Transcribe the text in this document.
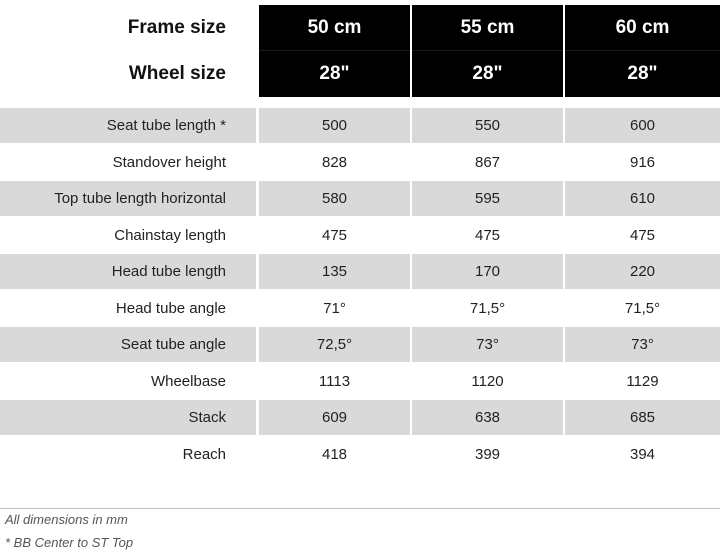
Frame size	50 cm	55 cm	60 cm
Wheel size	28"	28"	28"
Seat tube length *	500	550	600
Standover height	828	867	916
Top tube length horizontal	580	595	610
Chainstay length	475	475	475
Head tube length	135	170	220
Head tube angle	71°	71,5°	71,5°
Seat tube angle	72,5°	73°	73°
Wheelbase	1113	1120	1129
Stack	609	638	685
Reach	418	399	394
All dimensions in mm
* BB Center to ST Top
